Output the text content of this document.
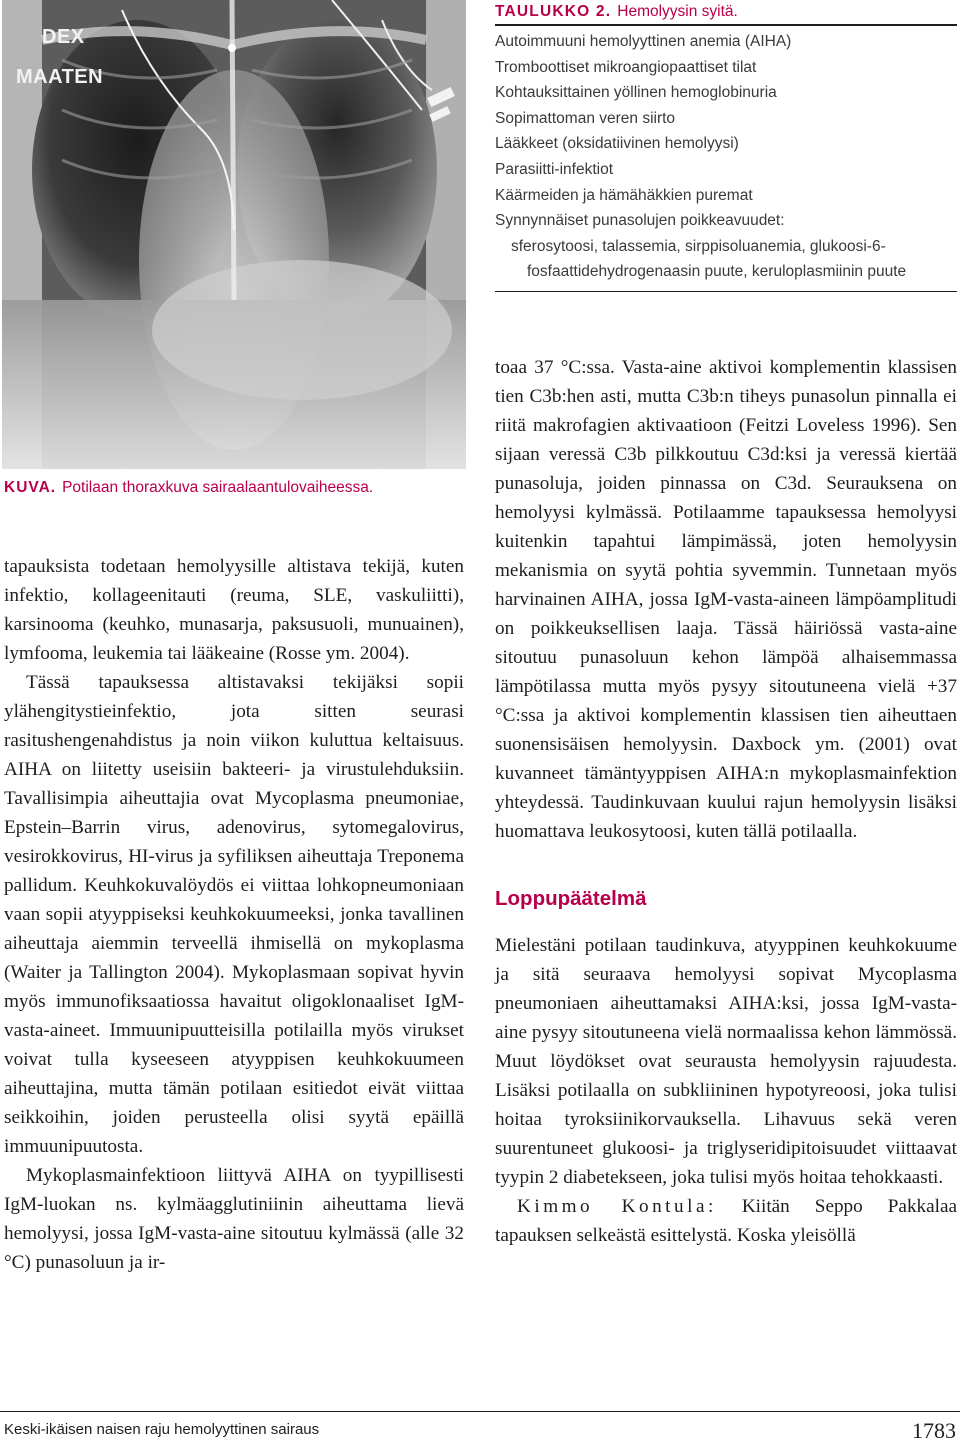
DEX
MAATEN
KUVA. Potilaan thoraxkuva sairaalaantulovaiheessa.
TAULUKKO 2. Hemolyysin syitä.
Autoimmuuni hemolyyttinen anemia (AIHA)
Tromboottiset mikroangiopaattiset tilat
Kohtauksittainen yöllinen hemoglobinuria
Sopimattoman veren siirto
Lääkkeet (oksidatiivinen hemolyysi)
Parasiitti-infektiot
Käärmeiden ja hämähäkkien puremat
Synnynnäiset punasolujen poikkeavuudet:
sferosytoosi, talassemia, sirppisoluanemia, glukoosi-6-
fosfaattidehydrogenaasin puute, keruloplasmiinin puute

tapauksista todetaan hemolyysille altistava tekijä, kuten infektio, kollageenitauti (reuma, SLE, vaskuliitti), karsinooma (keuhko, munasarja, paksusuoli, munuainen), lymfooma, leukemia tai lääkeaine (Rosse ym. 2004).

Tässä tapauksessa altistavaksi tekijäksi sopii ylähengitystieinfektio, jota sitten seurasi rasitushengenahdistus ja noin viikon kuluttua keltaisuus. AIHA on liitetty useisiin bakteeri- ja virustulehduksiin. Tavallisimpia aiheuttajia ovat Mycoplasma pneumoniae, Epstein–Barrin virus, adenovirus, sytomegalovirus, vesirokkovirus, HI-virus ja syfiliksen aiheuttaja Treponema pallidum. Keuhkokuvalöydös ei viittaa lohkopneumoniaan vaan sopii atyyppiseksi keuhkokuumeeksi, jonka tavallinen aiheuttaja aiemmin terveellä ihmisellä on mykoplasma (Waiter ja Tallington 2004). Mykoplasmaan sopivat hyvin myös immunofiksaatiossa havaitut oligoklonaaliset IgM-vasta-aineet. Immuunipuutteisilla potilailla myös virukset voivat tulla kyseeseen atyyppisen keuhkokuumeen aiheuttajina, mutta tämän potilaan esitiedot eivät viittaa seikkoihin, joiden perusteella olisi syytä epäillä immuunipuutosta.

Mykoplasmainfektioon liittyvä AIHA on tyypillisesti IgM-luokan ns. kylmäagglutiniinin aiheuttama lievä hemolyysi, jossa IgM-vasta-aine sitoutuu kylmässä (alle 32 °C) punasoluun ja ir-

toaa 37 °C:ssa. Vasta-aine aktivoi komplementin klassisen tien C3b:hen asti, mutta C3b:n tiheys punasolun pinnalla ei riitä makrofagien aktivaatioon (Feitzi Loveless 1996). Sen sijaan veressä C3b pilkkoutuu C3d:ksi ja veressä kiertää punasoluja, joiden pinnassa on C3d. Seurauksena on hemolyysi kylmässä. Potilaamme tapauksessa hemolyysi kuitenkin tapahtui lämpimässä, joten hemolyysin mekanismia on syytä pohtia syvemmin. Tunnetaan myös harvinainen AIHA, jossa IgM-vasta-aineen lämpöamplitudi on poikkeuksellisen laaja. Tässä häiriössä vasta-aine sitoutuu punasoluun kehon lämpöä alhaisemmassa lämpötilassa mutta myös pysyy sitoutuneena vielä +37 °C:ssa ja aktivoi komplementin klassisen tien aiheuttaen suonensisäisen hemolyysin. Daxbock ym. (2001) ovat kuvanneet tämäntyyppisen AIHA:n mykoplasmainfektion yhteydessä. Taudinkuvaan kuului rajun hemolyysin lisäksi huomattava leukosytoosi, kuten tällä potilaalla.

Loppupäätelmä

Mielestäni potilaan taudinkuva, atyyppinen keuhkokuume ja sitä seuraava hemolyysi sopivat Mycoplasma pneumoniaen aiheuttamaksi AIHA:ksi, jossa IgM-vasta-aine pysyy sitoutuneena vielä normaalissa kehon lämmössä. Muut löydökset ovat seurausta hemolyysin rajuudesta. Lisäksi potilaalla on subkliininen hypotyreoosi, joka tulisi hoitaa tyroksiinikorvauksella. Lihavuus sekä veren suurentuneet glukoosi- ja triglyseridipitoisuudet viittaavat tyypin 2 diabetekseen, joka tulisi myös hoitaa tehokkaasti.

Kimmo Kontula: Kiitän Seppo Pakkalaa tapauksen selkeästä esittelystä. Koska yleisöllä

Keski-ikäisen naisen raju hemolyyttinen sairaus	1783
